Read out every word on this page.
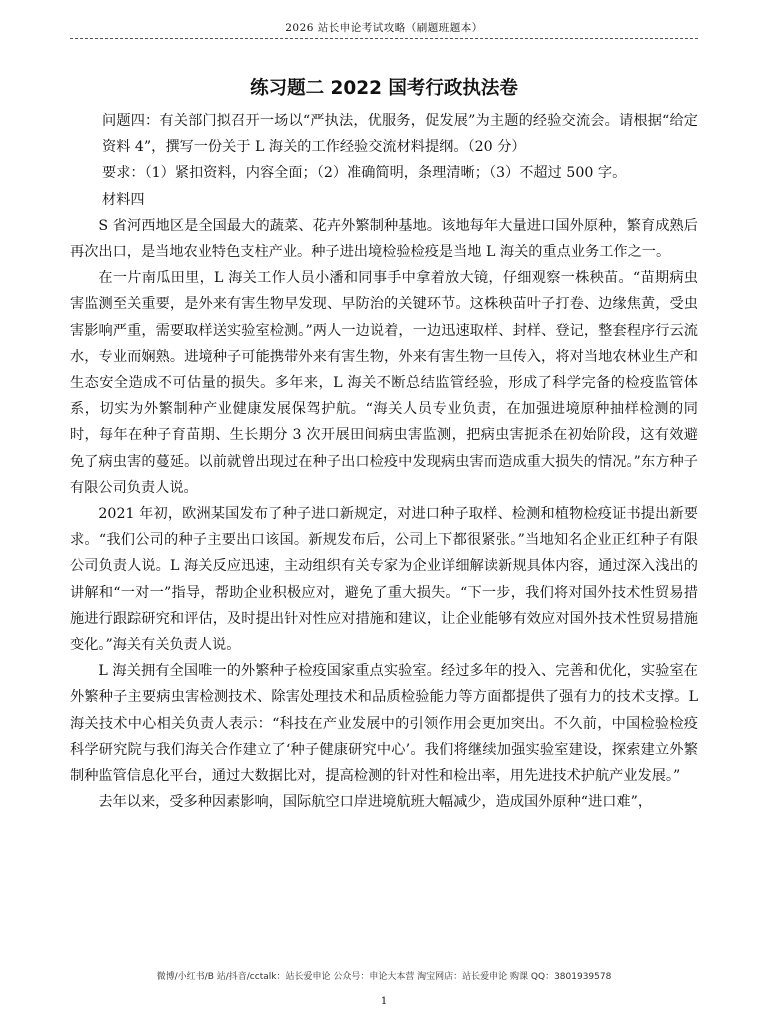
2026 站长申论考试攻略（刷题班题本）
练习题二 2022 国考行政执法卷

问题四：有关部门拟召开一场以“严执法，优服务，促发展”为主题的经验交流会。请根据“给定资料 4”，撰写一份关于 L 海关的工作经验交流材料提纲。（20 分）

要求：（1）紧扣资料，内容全面；（2）准确简明，条理清晰；（3）不超过 500 字。

材料四

S 省河西地区是全国最大的蔬菜、花卉外繁制种基地。该地每年大量进口国外原种，繁育成熟后再次出口，是当地农业特色支柱产业。种子进出境检验检疫是当地 L 海关的重点业务工作之一。

在一片南瓜田里，L 海关工作人员小潘和同事手中拿着放大镜，仔细观察一株秧苗。“苗期病虫害监测至关重要，是外来有害生物早发现、早防治的关键环节。这株秧苗叶子打卷、边缘焦黄，受虫害影响严重，需要取样送实验室检测。”两人一边说着，一边迅速取样、封样、登记，整套程序行云流水，专业而娴熟。进境种子可能携带外来有害生物，外来有害生物一旦传入，将对当地农林业生产和生态安全造成不可估量的损失。多年来，L 海关不断总结监管经验，形成了科学完备的检疫监管体系，切实为外繁制种产业健康发展保驾护航。“海关人员专业负责，在加强进境原种抽样检测的同时，每年在种子育苗期、生长期分 3 次开展田间病虫害监测，把病虫害扼杀在初始阶段，这有效避免了病虫害的蔓延。以前就曾出现过在种子出口检疫中发现病虫害而造成重大损失的情况。”东方种子有限公司负责人说。

2021 年初，欧洲某国发布了种子进口新规定，对进口种子取样、检测和植物检疫证书提出新要求。“我们公司的种子主要出口该国。新规发布后，公司上下都很紧张。”当地知名企业正红种子有限公司负责人说。L 海关反应迅速，主动组织有关专家为企业详细解读新规具体内容，通过深入浅出的讲解和“一对一”指导，帮助企业积极应对，避免了重大损失。“下一步，我们将对国外技术性贸易措施进行跟踪研究和评估，及时提出针对性应对措施和建议，让企业能够有效应对国外技术性贸易措施变化。”海关有关负责人说。

L 海关拥有全国唯一的外繁种子检疫国家重点实验室。经过多年的投入、完善和优化，实验室在外繁种子主要病虫害检测技术、除害处理技术和品质检验能力等方面都提供了强有力的技术支撑。L 海关技术中心相关负责人表示：“科技在产业发展中的引领作用会更加突出。不久前，中国检验检疫科学研究院与我们海关合作建立了‘种子健康研究中心’。我们将继续加强实验室建设，探索建立外繁制种监管信息化平台，通过大数据比对，提高检测的针对性和检出率，用先进技术护航产业发展。”

去年以来，受多种因素影响，国际航空口岸进境航班大幅减少，造成国外原种“进口难”，

微博/小红书/B 站/抖音/cctalk：站长爱申论 公众号：申论大本营 淘宝网店：站长爱申论 购课 QQ：3801939578
1
